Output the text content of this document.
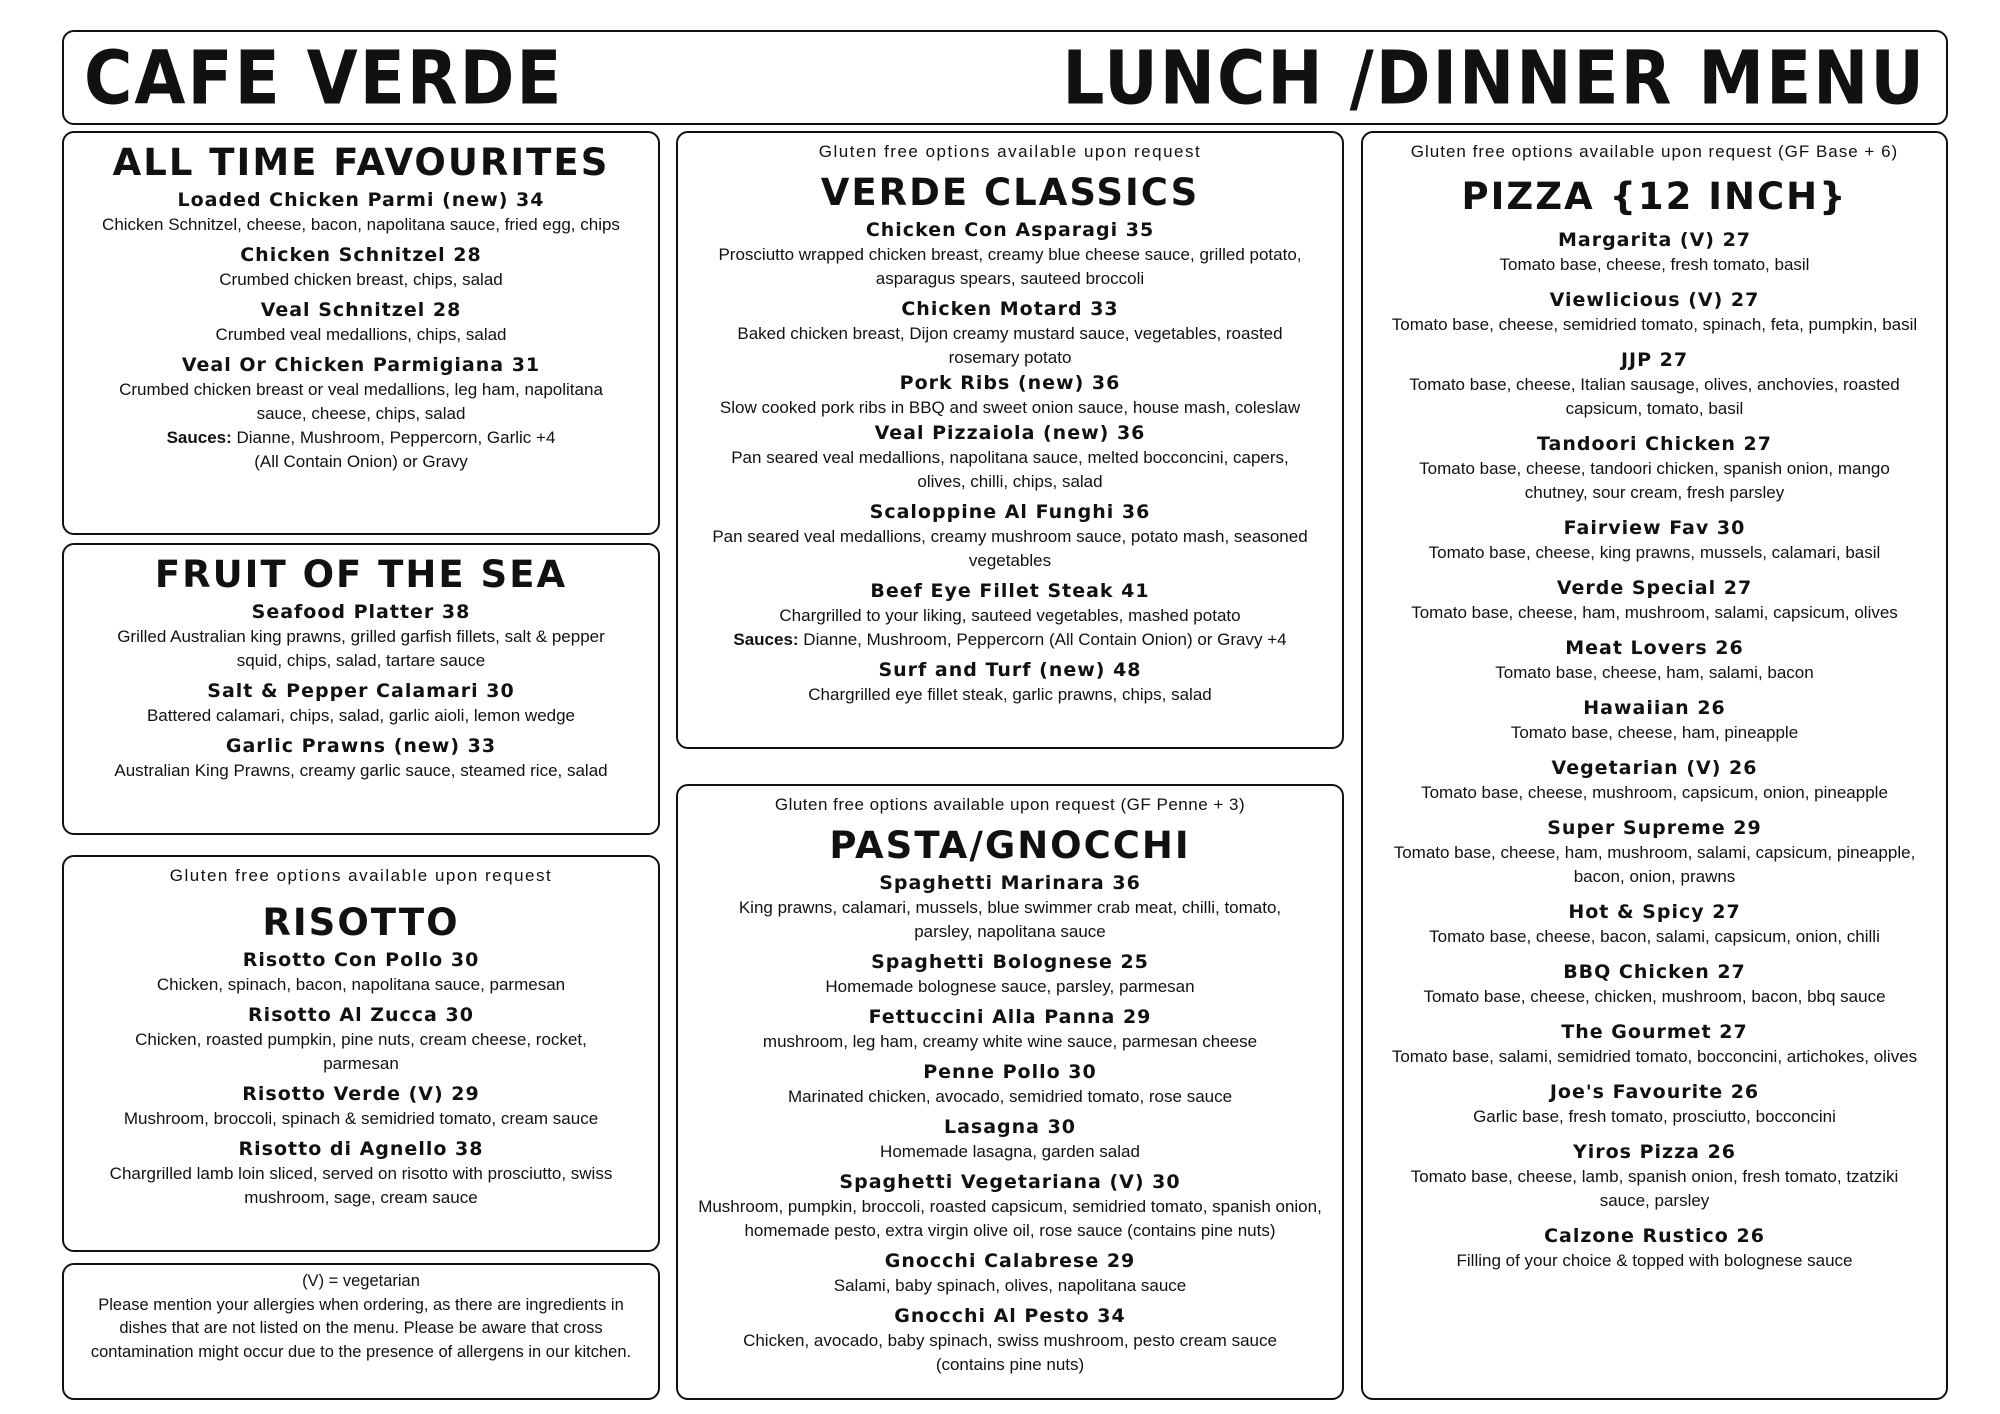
CAFE VERDE	LUNCH /DINNER MENU
ALL TIME FAVOURITES
Loaded Chicken Parmi (new) 34
Chicken Schnitzel, cheese, bacon, napolitana sauce, fried egg, chips
Chicken Schnitzel 28
Crumbed chicken breast, chips, salad
Veal Schnitzel 28
Crumbed veal medallions, chips, salad
Veal Or Chicken Parmigiana 31
Crumbed chicken breast or veal medallions, leg ham, napolitana sauce, cheese, chips, salad
Sauces: Dianne, Mushroom, Peppercorn, Garlic +4
(All Contain Onion) or Gravy
FRUIT OF THE SEA
Seafood Platter 38
Grilled Australian king prawns, grilled garfish fillets, salt & pepper squid, chips, salad, tartare sauce
Salt & Pepper Calamari 30
Battered calamari, chips, salad, garlic aioli, lemon wedge
Garlic Prawns (new) 33
Australian King Prawns, creamy garlic sauce, steamed rice, salad
Gluten free options available upon request
RISOTTO
Risotto Con Pollo 30
Chicken, spinach, bacon, napolitana sauce, parmesan
Risotto Al Zucca 30
Chicken, roasted pumpkin, pine nuts, cream cheese, rocket, parmesan
Risotto Verde (V) 29
Mushroom, broccoli, spinach & semidried tomato, cream sauce
Risotto di Agnello 38
Chargrilled lamb loin sliced, served on risotto with prosciutto, swiss mushroom, sage, cream sauce
(V) = vegetarian
Please mention your allergies when ordering, as there are ingredients in dishes that are not listed on the menu. Please be aware that cross contamination might occur due to the presence of allergens in our kitchen.
Gluten free options available upon request
VERDE CLASSICS
Chicken Con Asparagi 35
Prosciutto wrapped chicken breast, creamy blue cheese sauce, grilled potato, asparagus spears, sauteed broccoli
Chicken Motard 33
Baked chicken breast, Dijon creamy mustard sauce, vegetables, roasted rosemary potato
Pork Ribs (new) 36
Slow cooked pork ribs in BBQ and sweet onion sauce, house mash, coleslaw
Veal Pizzaiola (new) 36
Pan seared veal medallions, napolitana sauce, melted bocconcini, capers, olives, chilli, chips, salad
Scaloppine Al Funghi 36
Pan seared veal medallions, creamy mushroom sauce, potato mash, seasoned vegetables
Beef Eye Fillet Steak 41
Chargrilled to your liking, sauteed vegetables, mashed potato
Sauces: Dianne, Mushroom, Peppercorn (All Contain Onion) or Gravy +4
Surf and Turf (new) 48
Chargrilled eye fillet steak, garlic prawns, chips, salad
Gluten free options available upon request (GF Penne + 3)
PASTA/GNOCCHI
Spaghetti Marinara 36
King prawns, calamari, mussels, blue swimmer crab meat, chilli, tomato, parsley, napolitana sauce
Spaghetti Bolognese 25
Homemade bolognese sauce, parsley, parmesan
Fettuccini Alla Panna 29
mushroom, leg ham, creamy white wine sauce, parmesan cheese
Penne Pollo 30
Marinated chicken, avocado, semidried tomato, rose sauce
Lasagna 30
Homemade lasagna, garden salad
Spaghetti Vegetariana (V) 30
Mushroom, pumpkin, broccoli, roasted capsicum, semidried tomato, spanish onion, homemade pesto, extra virgin olive oil, rose sauce (contains pine nuts)
Gnocchi Calabrese 29
Salami, baby spinach, olives, napolitana sauce
Gnocchi Al Pesto 34
Chicken, avocado, baby spinach, swiss mushroom, pesto cream sauce (contains pine nuts)
Gluten free options available upon request (GF Base + 6)
PIZZA {12 INCH}
Margarita (V) 27
Tomato base, cheese, fresh tomato, basil
Viewlicious (V) 27
Tomato base, cheese, semidried tomato, spinach, feta, pumpkin, basil
JJP 27
Tomato base, cheese, Italian sausage, olives, anchovies, roasted capsicum, tomato, basil
Tandoori Chicken 27
Tomato base, cheese, tandoori chicken, spanish onion, mango chutney, sour cream, fresh parsley
Fairview Fav 30
Tomato base, cheese, king prawns, mussels, calamari, basil
Verde Special 27
Tomato base, cheese, ham, mushroom, salami, capsicum, olives
Meat Lovers 26
Tomato base, cheese, ham, salami, bacon
Hawaiian 26
Tomato base, cheese, ham, pineapple
Vegetarian (V) 26
Tomato base, cheese, mushroom, capsicum, onion, pineapple
Super Supreme 29
Tomato base, cheese, ham, mushroom, salami, capsicum, pineapple, bacon, onion, prawns
Hot & Spicy 27
Tomato base, cheese, bacon, salami, capsicum, onion, chilli
BBQ Chicken 27
Tomato base, cheese, chicken, mushroom, bacon, bbq sauce
The Gourmet 27
Tomato base, salami, semidried tomato, bocconcini, artichokes, olives
Joe's Favourite 26
Garlic base, fresh tomato, prosciutto, bocconcini
Yiros Pizza 26
Tomato base, cheese, lamb, spanish onion, fresh tomato, tzatziki sauce, parsley
Calzone Rustico 26
Filling of your choice & topped with bolognese sauce
